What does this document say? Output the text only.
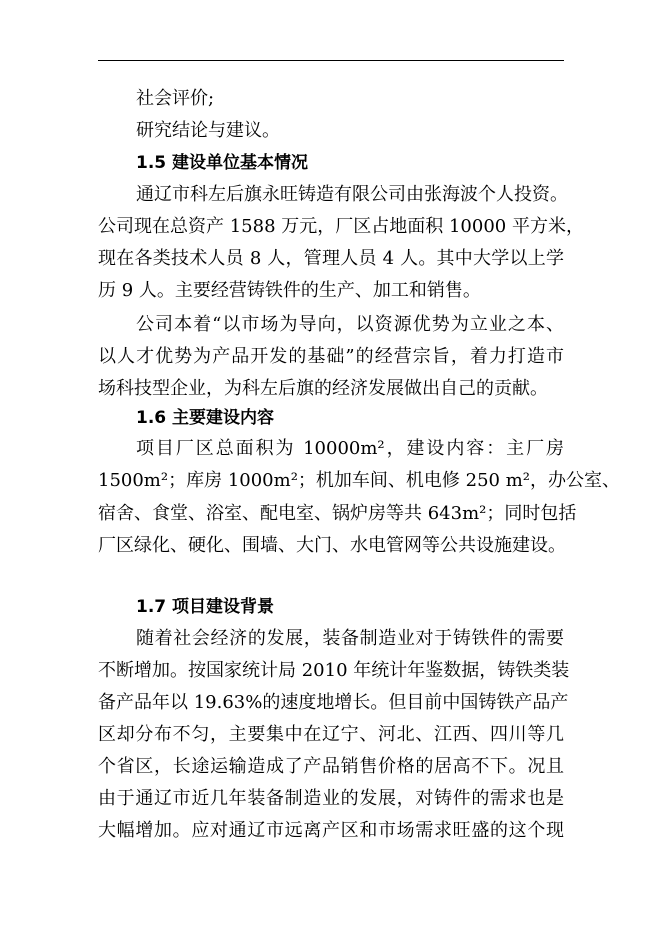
社会评价;
研究结论与建议。
1.5 建设单位基本情况
通辽市科左后旗永旺铸造有限公司由张海波个人投资。
公司现在总资产 1588 万元，厂区占地面积 10000 平方米，
现在各类技术人员 8 人，管理人员 4 人。其中大学以上学
历 9 人。主要经营铸铁件的生产、加工和销售。
公司本着“以市场为导向，以资源优势为立业之本、
以人才优势为产品开发的基础”的经营宗旨，着力打造市
场科技型企业，为科左后旗的经济发展做出自己的贡献。
1.6 主要建设内容
项目厂区总面积为 10000m²，建设内容：主厂房
1500m²；库房 1000m²；机加车间、机电修 250 m²，办公室、
宿舍、食堂、浴室、配电室、锅炉房等共 643m²；同时包括
厂区绿化、硬化、围墙、大门、水电管网等公共设施建设。
1.7 项目建设背景
随着社会经济的发展，装备制造业对于铸铁件的需要
不断增加。按国家统计局 2010 年统计年鉴数据，铸铁类装
备产品年以 19.63%的速度地增长。但目前中国铸铁产品产
区却分布不匀，主要集中在辽宁、河北、江西、四川等几
个省区，长途运输造成了产品销售价格的居高不下。况且
由于通辽市近几年装备制造业的发展，对铸件的需求也是
大幅增加。应对通辽市远离产区和市场需求旺盛的这个现
